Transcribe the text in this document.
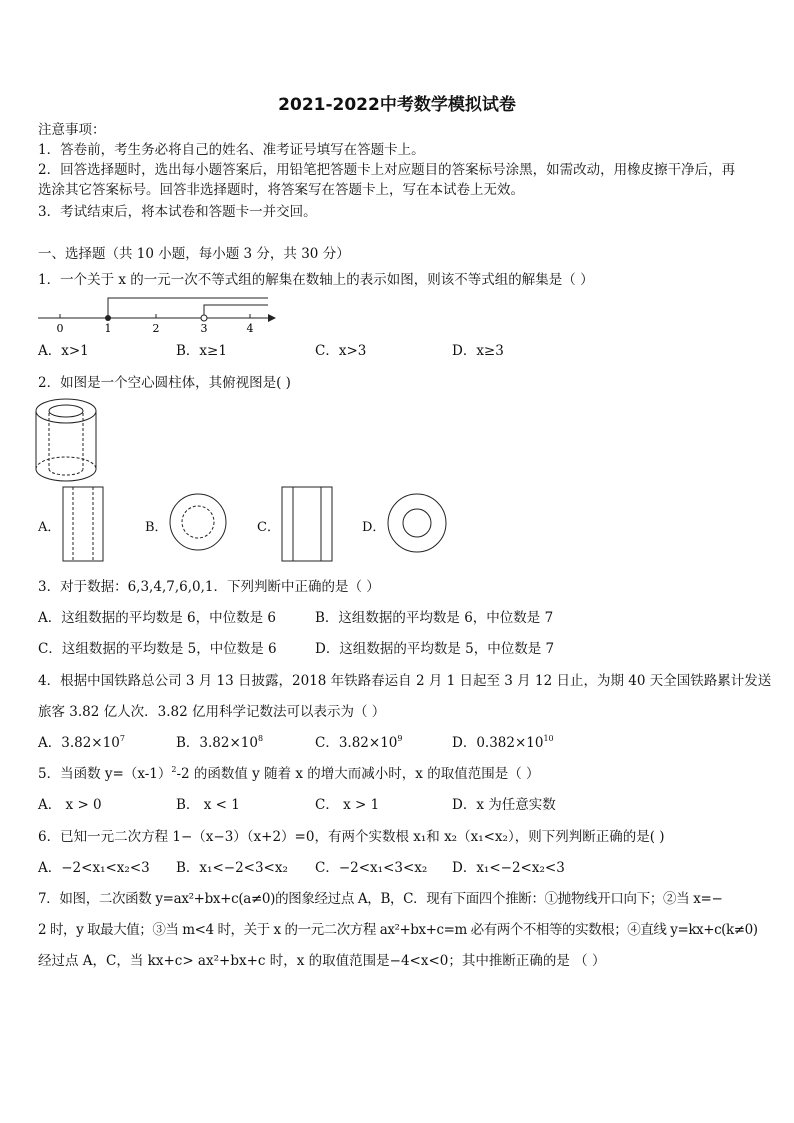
2021-2022中考数学模拟试卷
注意事项：
1．答卷前，考生务必将自己的姓名、准考证号填写在答题卡上。
2．回答选择题时，选出每小题答案后，用铅笔把答题卡上对应题目的答案标号涂黑，如需改动，用橡皮擦干净后，再
选涂其它答案标号。回答非选择题时，将答案写在答题卡上，写在本试卷上无效。
3．考试结束后，将本试卷和答题卡一并交回。
一、选择题（共 10 小题，每小题 3 分，共 30 分）
1．一个关于 x 的一元一次不等式组的解集在数轴上的表示如图，则该不等式组的解集是（ ）
0	1	2	3	4
A．x>1	B．x≥1	C．x>3	D．x≥3
2．如图是一个空心圆柱体，其俯视图是( )
A．	B．	C．	D．
3．对于数据：6,3,4,7,6,0,1．下列判断中正确的是（ ）
A．这组数据的平均数是 6，中位数是 6	B．这组数据的平均数是 6，中位数是 7
C．这组数据的平均数是 5，中位数是 6	D．这组数据的平均数是 5，中位数是 7
4．根据中国铁路总公司 3 月 13 日披露，2018 年铁路春运自 2 月 1 日起至 3 月 12 日止，为期 40 天全国铁路累计发送
旅客 3.82 亿人次．3.82 亿用科学记数法可以表示为（ ）
A．$3.82\times 10^7$	B．$3.82\times 10^8$	C．$3.82\times 10^9$	D．$0.382\times 10^{10}$
5．当函数 $y=(x-1)^2-2$ 的函数值 y 随着 x 的增大而减小时，x 的取值范围是（ ）
A． x > 0	B． x < 1	C． x > 1	D．x 为任意实数
6．已知一元二次方程 1−（x−3）（x+2）=0，有两个实数根 x₁和 x₂（x₁<x₂），则下列判断正确的是( )
A．−2<x₁<x₂<3 B．x₁<−2<3<x₂ C．−2<x₁<3<x₂ D．x₁<−2<x₂<3
7．如图，二次函数 y=ax²+bx+c(a≠0)的图象经过点 A，B，C．现有下面四个推断：①抛物线开口向下；②当 x=−
2 时，y 取最大值；③当 m<4 时，关于 x 的一元二次方程 ax²+bx+c=m 必有两个不相等的实数根；④直线 y=kx+c(k≠0)
经过点 A，C，当 kx+c> ax²+bx+c 时，x 的取值范围是−4<x<0；其中推断正确的是 （ ）
